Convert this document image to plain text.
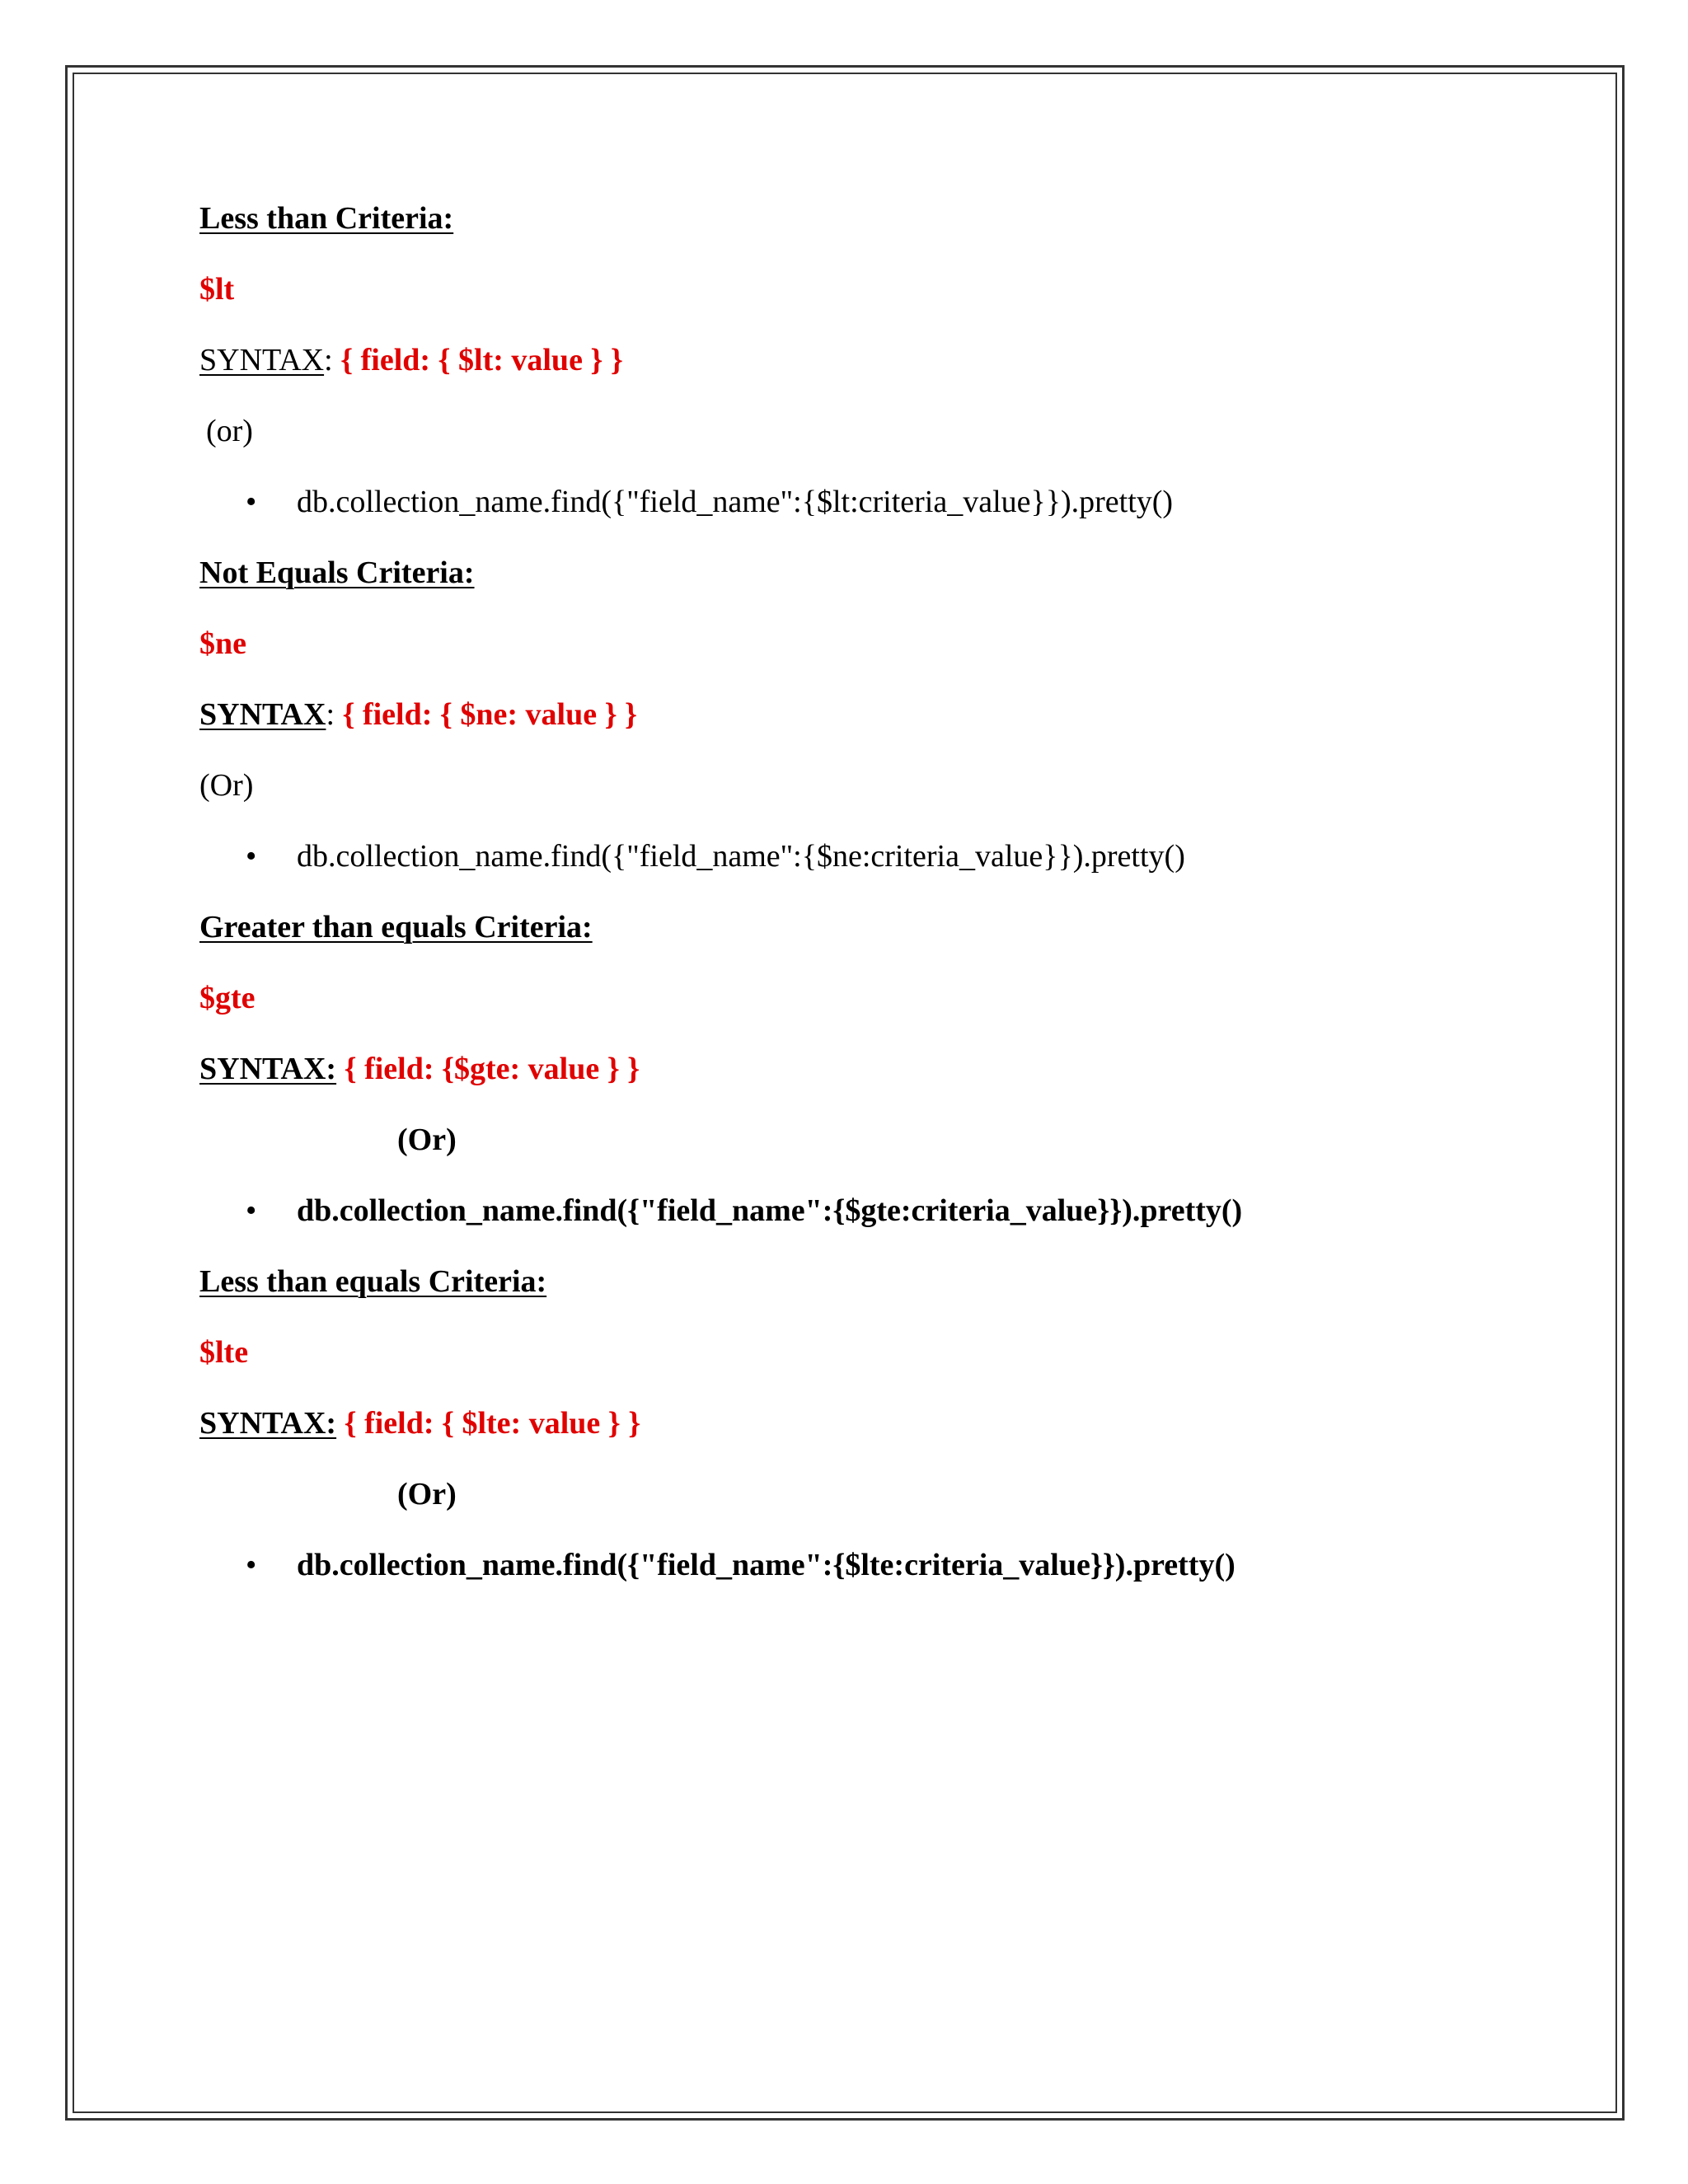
Less than Criteria:
$lt
SYNTAX: { field: { $lt: value } }
(or)
• db.collection_name.find({"field_name":{$lt:criteria_value}}).pretty()
Not Equals Criteria:
$ne
SYNTAX: { field: { $ne: value } }
(Or)
• db.collection_name.find({"field_name":{$ne:criteria_value}}).pretty()
Greater than equals Criteria:
$gte
SYNTAX: { field: {$gte: value } }
(Or)
• db.collection_name.find({"field_name":{$gte:criteria_value}}).pretty()
Less than equals Criteria:
$lte
SYNTAX: { field: { $lte: value } }
(Or)
• db.collection_name.find({"field_name":{$lte:criteria_value}}).pretty()
